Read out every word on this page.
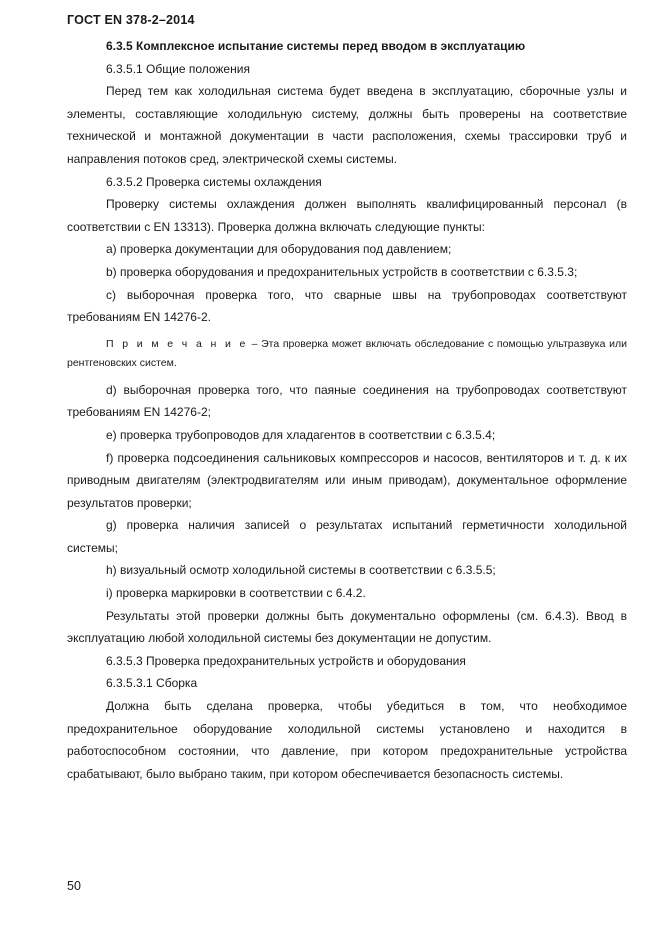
ГОСТ EN 378-2–2014

6.3.5 Комплексное испытание системы перед вводом в эксплуатацию

6.3.5.1 Общие положения

Перед тем как холодильная система будет введена в эксплуатацию, сборочные узлы и элементы, составляющие холодильную систему, должны быть проверены на соответствие технической и монтажной документации в части расположения, схемы трассировки труб и направления потоков сред, электрической схемы системы.

6.3.5.2 Проверка системы охлаждения

Проверку системы охлаждения должен выполнять квалифицированный персонал (в соответствии с EN 13313). Проверка должна включать следующие пункты:

а) проверка документации для оборудования под давлением;

b) проверка оборудования и предохранительных устройств в соответствии с 6.3.5.3;

с) выборочная проверка того, что сварные швы на трубопроводах соответствуют требованиям EN 14276-2.

П р и м е ч а н и е – Эта проверка может включать обследование с помощью ультразвука или рентгеновских систем.

d) выборочная проверка того, что паяные соединения на трубопроводах соответствуют требованиям EN 14276-2;

е) проверка трубопроводов для хладагентов в соответствии с 6.3.5.4;

f) проверка подсоединения сальниковых компрессоров и насосов, вентиляторов и т. д. к их приводным двигателям (электродвигателям или иным приводам), документальное оформление результатов проверки;

g) проверка наличия записей о результатах испытаний герметичности холодильной системы;

h) визуальный осмотр холодильной системы в соответствии с 6.3.5.5;

i) проверка маркировки в соответствии с 6.4.2.

Результаты этой проверки должны быть документально оформлены (см. 6.4.3). Ввод в эксплуатацию любой холодильной системы без документации не допустим.

6.3.5.3 Проверка предохранительных устройств и оборудования

6.3.5.3.1 Сборка

Должна быть сделана проверка, чтобы убедиться в том, что необходимое предохранительное оборудование холодильной системы установлено и находится в работоспособном состоянии, что давление, при котором предохранительные устройства срабатывают, было выбрано таким, при котором обеспечивается безопасность системы.

50
